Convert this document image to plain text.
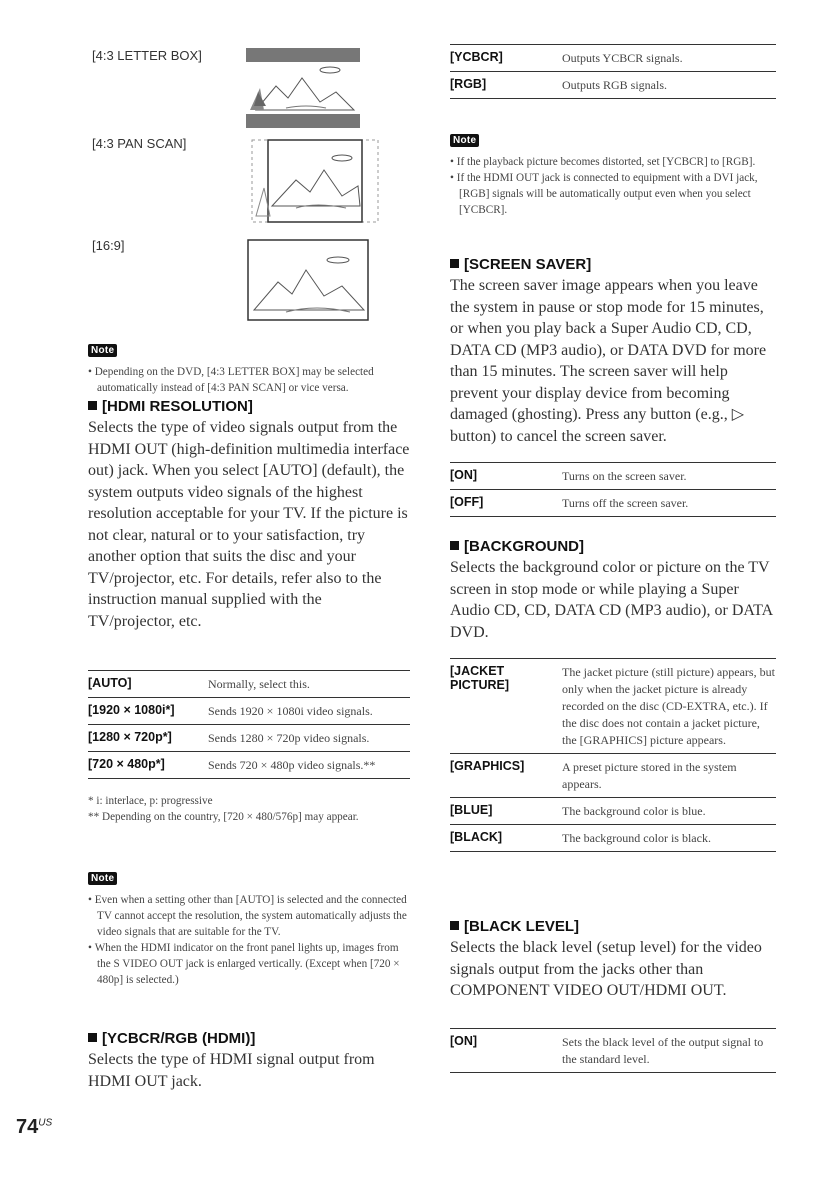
[4:3 LETTER BOX]
[4:3 PAN SCAN]
[16:9]
Note
• Depending on the DVD, [4:3 LETTER BOX] may be selected automatically instead of [4:3 PAN SCAN] or vice versa.
[HDMI RESOLUTION]

Selects the type of video signals output from the HDMI OUT (high-definition multimedia interface out) jack. When you select [AUTO] (default), the system outputs video signals of the highest resolution acceptable for your TV. If the picture is not clear, natural or to your satisfaction, try another option that suits the disc and your TV/projector, etc. For details, refer also to the instruction manual supplied with the TV/projector, etc.

[AUTO]	Normally, select this.
[1920 × 1080i*]	Sends 1920 × 1080i video signals.
[1280 × 720p*]	Sends 1280 × 720p video signals.
[720 × 480p*]	Sends 720 × 480p video signals.**
* i: interlace, p: progressive
** Depending on the country, [720 × 480/576p] may appear.
Note
• Even when a setting other than [AUTO] is selected and the connected TV cannot accept the resolution, the system automatically adjusts the video signals that are suitable for the TV.
• When the HDMI indicator on the front panel lights up, images from the S VIDEO OUT jack is enlarged vertically. (Except when [720 × 480p] is selected.)
[YCBCR/RGB (HDMI)]

Selects the type of HDMI signal output from HDMI OUT jack.

[YCBCR]	Outputs YCBCR signals.
[RGB]	Outputs RGB signals.
Note
• If the playback picture becomes distorted, set [YCBCR] to [RGB].
• If the HDMI OUT jack is connected to equipment with a DVI jack, [RGB] signals will be automatically output even when you select [YCBCR].
[SCREEN SAVER]

The screen saver image appears when you leave the system in pause or stop mode for 15 minutes, or when you play back a Super Audio CD, CD, DATA CD (MP3 audio), or DATA DVD for more than 15 minutes. The screen saver will help prevent your display device from becoming damaged (ghosting). Press any button (e.g., ▷ button) to cancel the screen saver.

[ON]	Turns on the screen saver.
[OFF]	Turns off the screen saver.
[BACKGROUND]

Selects the background color or picture on the TV screen in stop mode or while playing a Super Audio CD, CD, DATA CD (MP3 audio), or DATA DVD.

[JACKET PICTURE]	The jacket picture (still picture) appears, but only when the jacket picture is already recorded on the disc (CD-EXTRA, etc.). If the disc does not contain a jacket picture, the [GRAPHICS] picture appears.
[GRAPHICS]	A preset picture stored in the system appears.
[BLUE]	The background color is blue.
[BLACK]	The background color is black.
[BLACK LEVEL]

Selects the black level (setup level) for the video signals output from the jacks other than COMPONENT VIDEO OUT/HDMI OUT.

[ON]	Sets the black level of the output signal to the standard level.
$74^{US}$
